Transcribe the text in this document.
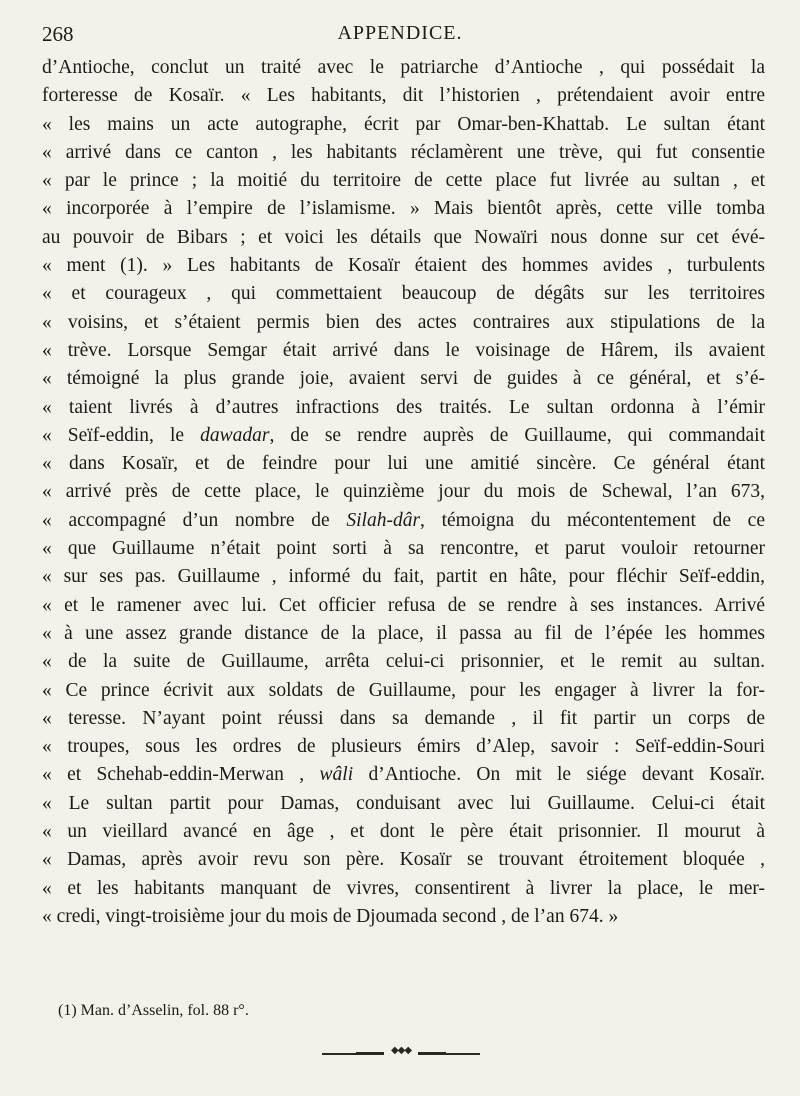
268	APPENDICE.
d’Antioche, conclut un traité avec le patriarche d’Antioche , qui possédait la
forteresse de Kosaïr. « Les habitants, dit l’historien , prétendaient avoir entre
« les mains un acte autographe, écrit par Omar-ben-Khattab. Le sultan étant
« arrivé dans ce canton , les habitants réclamèrent une trève, qui fut consentie
« par le prince ; la moitié du territoire de cette place fut livrée au sultan , et
« incorporée à l’empire de l’islamisme. » Mais bientôt après, cette ville tomba
au pouvoir de Bibars ; et voici les détails que Nowaïri nous donne sur cet évé-
« ment (1). » Les habitants de Kosaïr étaient des hommes avides , turbulents
« et courageux , qui commettaient beaucoup de dégâts sur les territoires
« voisins, et s’étaient permis bien des actes contraires aux stipulations de la
« trève. Lorsque Semgar était arrivé dans le voisinage de Hârem, ils avaient
« témoigné la plus grande joie, avaient servi de guides à ce général, et s’é-
« taient livrés à d’autres infractions des traités. Le sultan ordonna à l’émir
« Seïf-eddin, le dawadar, de se rendre auprès de Guillaume, qui commandait
« dans Kosaïr, et de feindre pour lui une amitié sincère. Ce général étant
« arrivé près de cette place, le quinzième jour du mois de Schewal, l’an 673,
« accompagné d’un nombre de Silah-dâr, témoigna du mécontentement de ce
« que Guillaume n’était point sorti à sa rencontre, et parut vouloir retourner
« sur ses pas. Guillaume , informé du fait, partit en hâte, pour fléchir Seïf-eddin,
« et le ramener avec lui. Cet officier refusa de se rendre à ses instances. Arrivé
« à une assez grande distance de la place, il passa au fil de l’épée les hommes
« de la suite de Guillaume, arrêta celui-ci prisonnier, et le remit au sultan.
« Ce prince écrivit aux soldats de Guillaume, pour les engager à livrer la for-
« teresse. N’ayant point réussi dans sa demande , il fit partir un corps de
« troupes, sous les ordres de plusieurs émirs d’Alep, savoir : Seïf-eddin-Souri
« et Schehab-eddin-Merwan , wâli d’Antioche. On mit le siége devant Kosaïr.
« Le sultan partit pour Damas, conduisant avec lui Guillaume. Celui-ci était
« un vieillard avancé en âge , et dont le père était prisonnier. Il mourut à
« Damas, après avoir revu son père. Kosaïr se trouvant étroitement bloquée ,
« et les habitants manquant de vivres, consentirent à livrer la place, le mer-
« credi, vingt-troisième jour du mois de Djoumada second , de l’an 674. »
(1) Man. d’Asselin, fol. 88 r°.
◆◆◆
